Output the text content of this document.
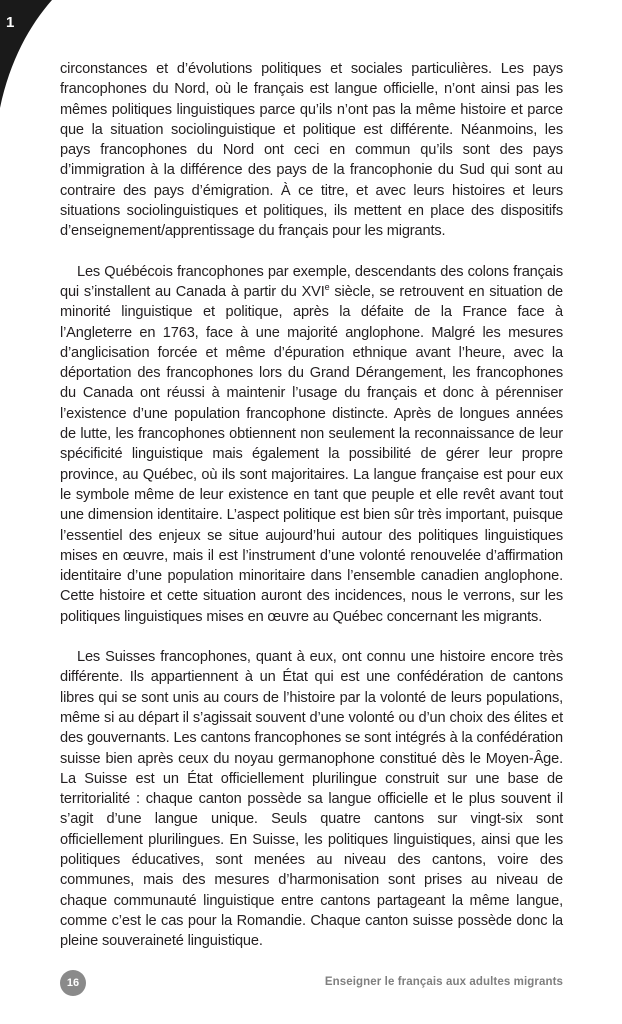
1

circonstances et d’évolutions politiques et sociales particulières. Les pays francophones du Nord, où le français est langue officielle, n’ont ainsi pas les mêmes politiques linguistiques parce qu’ils n’ont pas la même histoire et parce que la situation sociolinguistique et politique est différente. Néanmoins, les pays francophones du Nord ont ceci en commun qu’ils sont des pays d’immigration à la différence des pays de la francophonie du Sud qui sont au contraire des pays d’émigration. À ce titre, et avec leurs histoires et leurs situations sociolinguistiques et politiques, ils mettent en place des dispositifs d’enseignement/apprentissage du français pour les migrants.

Les Québécois francophones par exemple, descendants des colons français qui s’installent au Canada à partir du XVIe siècle, se retrouvent en situation de minorité linguistique et politique, après la défaite de la France face à l’Angleterre en 1763, face à une majorité anglophone. Malgré les mesures d’anglicisation forcée et même d’épuration ethnique avant l’heure, avec la déportation des francophones lors du Grand Dérangement, les francophones du Canada ont réussi à maintenir l’usage du français et donc à pérenniser l’existence d’une population francophone distincte. Après de longues années de lutte, les francophones obtiennent non seulement la reconnaissance de leur spécificité linguistique mais également la possibilité de gérer leur propre province, au Québec, où ils sont majoritaires. La langue française est pour eux le symbole même de leur existence en tant que peuple et elle revêt avant tout une dimension identitaire. L’aspect politique est bien sûr très important, puisque l’essentiel des enjeux se situe aujourd’hui autour des politiques linguistiques mises en œuvre, mais il est l’instrument d’une volonté renouvelée d’affirmation identitaire d’une population minoritaire dans l’ensemble canadien anglophone. Cette histoire et cette situation auront des incidences, nous le verrons, sur les politiques linguistiques mises en œuvre au Québec concernant les migrants.

Les Suisses francophones, quant à eux, ont connu une histoire encore très différente. Ils appartiennent à un État qui est une confédération de cantons libres qui se sont unis au cours de l’histoire par la volonté de leurs populations, même si au départ il s’agissait souvent d’une volonté ou d’un choix des élites et des gouvernants. Les cantons francophones se sont intégrés à la confédération suisse bien après ceux du noyau germanophone constitué dès le Moyen-Âge. La Suisse est un État officiellement plurilingue construit sur une base de territorialité : chaque canton possède sa langue officielle et le plus souvent il s’agit d’une langue unique. Seuls quatre cantons sur vingt-six sont officiellement plurilingues. En Suisse, les politiques linguistiques, ainsi que les politiques éducatives, sont menées au niveau des cantons, voire des communes, mais des mesures d’harmonisation sont prises au niveau de chaque communauté linguistique entre cantons partageant la même langue, comme c’est le cas pour la Romandie. Chaque canton suisse possède donc la pleine souveraineté linguistique.

16	Enseigner le français aux adultes migrants
